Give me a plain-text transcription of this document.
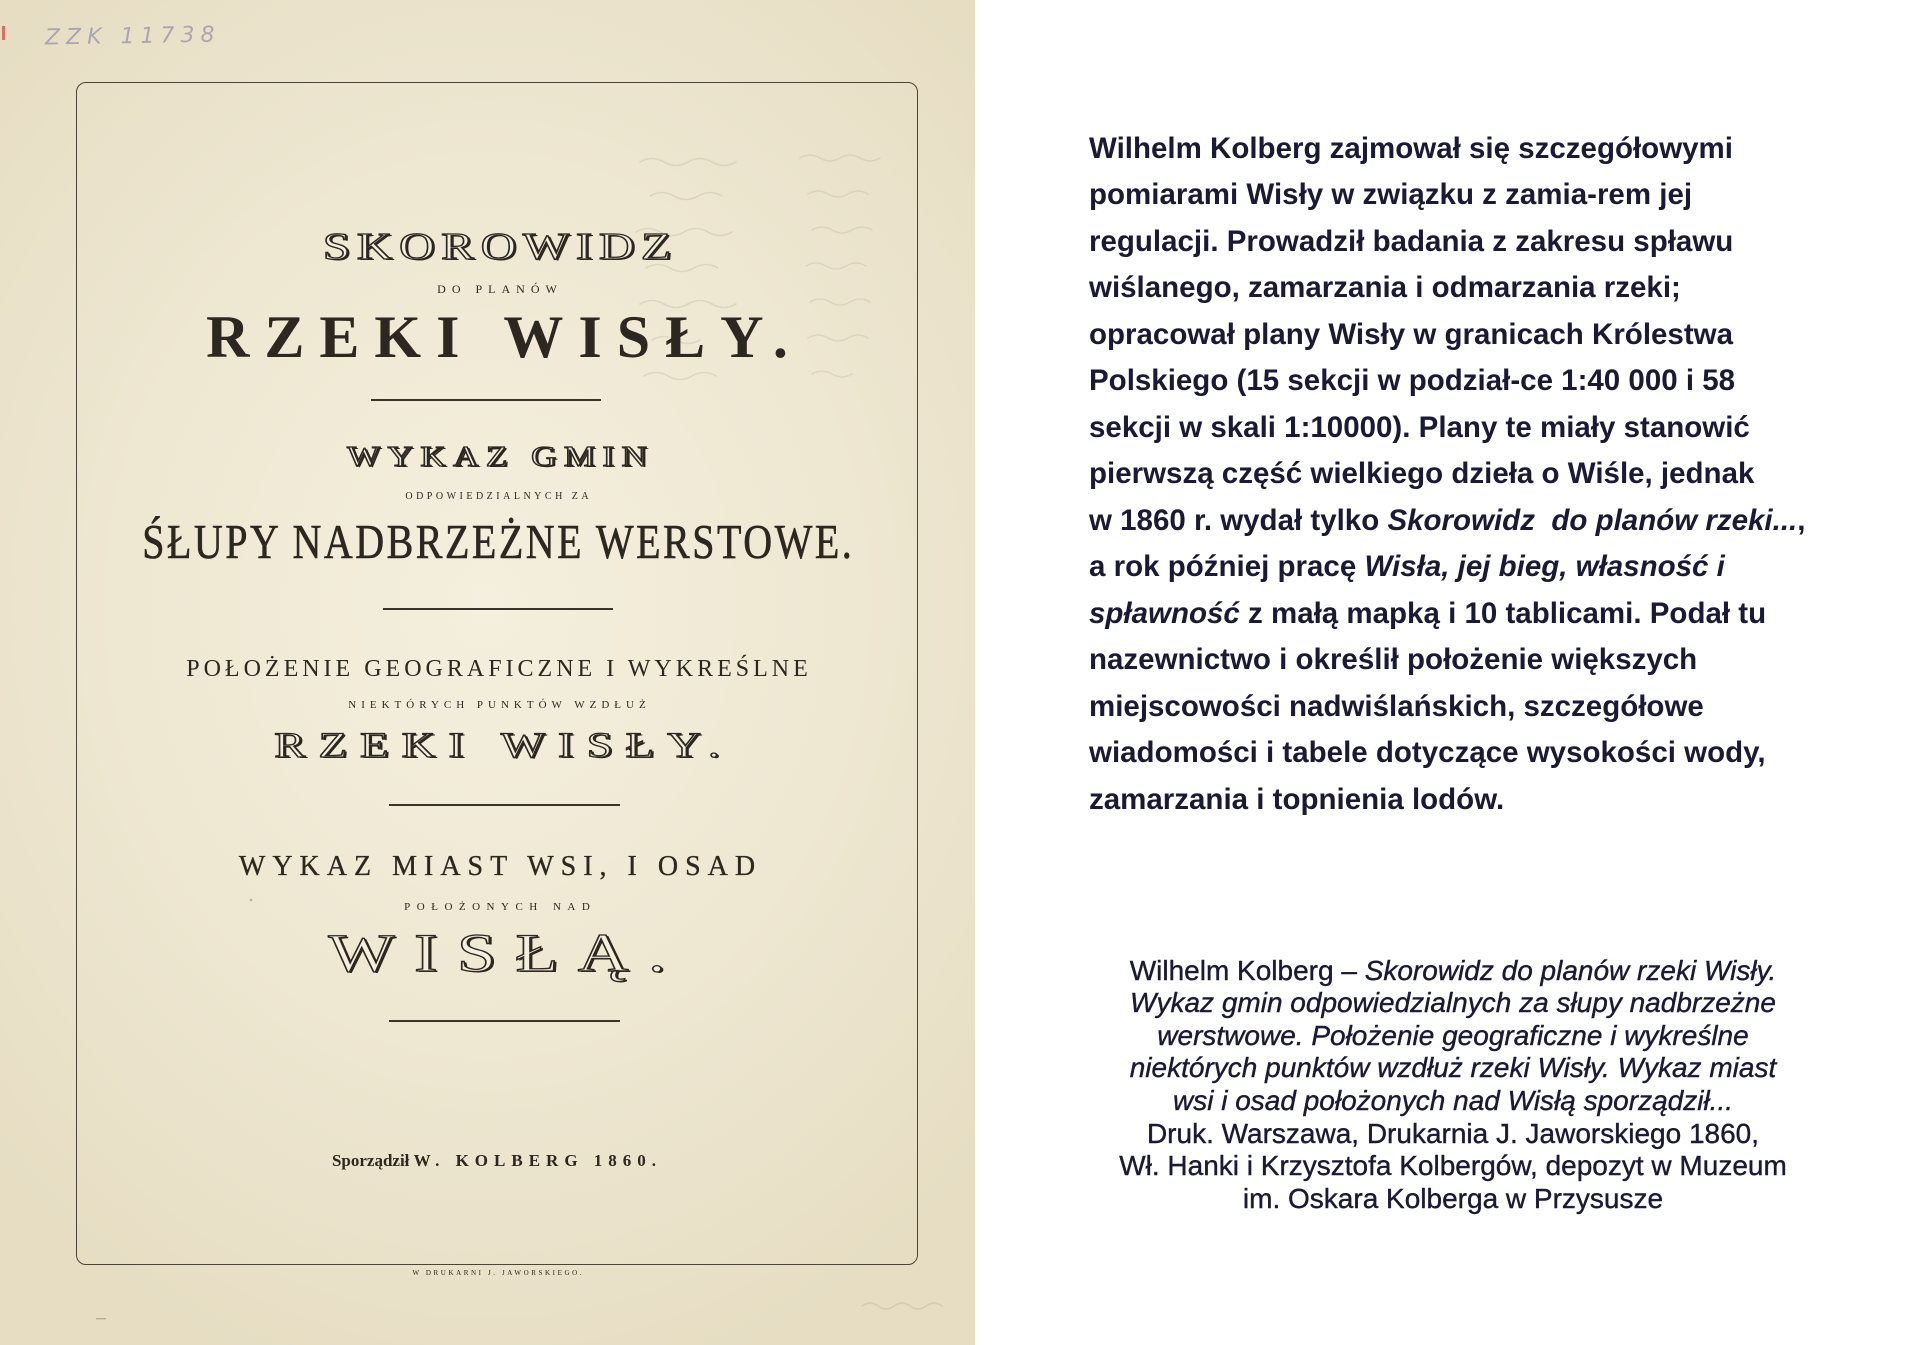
ZZK 11738
SKOROWIDZ
DO PLANÓW
RZEKI WISŁY.
WYKAZ GMIN
ODPOWIEDZIALNYCH ZA
ŚŁUPY NADBRZEŻNE WERSTOWE.
POŁOŻENIE GEOGRAFICZNE I WYKREŚLNE
NIEKTÓRYCH PUNKTÓW WZDŁUŻ
RZEKI WISŁY.
WYKAZ MIAST WSI, I OSAD
POŁOŻONYCH NAD
WISŁĄ.
Sporządził W. KOLBERG 1860.
W DRUKARNI J. JAWORSKIEGO.
Wilhelm Kolberg zajmował się szczegółowymi
pomiarami Wisły w związku z zamia-rem jej
regulacji. Prowadził badania z zakresu spławu
wiślanego, zamarzania i odmarzania rzeki;
opracował plany Wisły w granicach Królestwa
Polskiego (15 sekcji w podział-ce 1:40 000 i 58
sekcji w skali 1:10000). Plany te miały stanowić
pierwszą część wielkiego dzieła o Wiśle, jednak
w 1860 r. wydał tylko Skorowidz  do planów rzeki...,
a rok później pracę Wisła, jej bieg, własność i
spławność z małą mapką i 10 tablicami. Podał tu
nazewnictwo i określił położenie większych
miejscowości nadwiślańskich, szczegółowe
wiadomości i tabele dotyczące wysokości wody,
zamarzania i topnienia lodów.
Wilhelm Kolberg – Skorowidz do planów rzeki Wisły.
Wykaz gmin odpowiedzialnych za słupy nadbrzeżne
werstwowe. Położenie geograficzne i wykreślne
niektórych punktów wzdłuż rzeki Wisły. Wykaz miast
wsi i osad położonych nad Wisłą sporządził...
Druk. Warszawa, Drukarnia J. Jaworskiego 1860,
Wł. Hanki i Krzysztofa Kolbergów, depozyt w Muzeum
im. Oskara Kolberga w Przysusze
